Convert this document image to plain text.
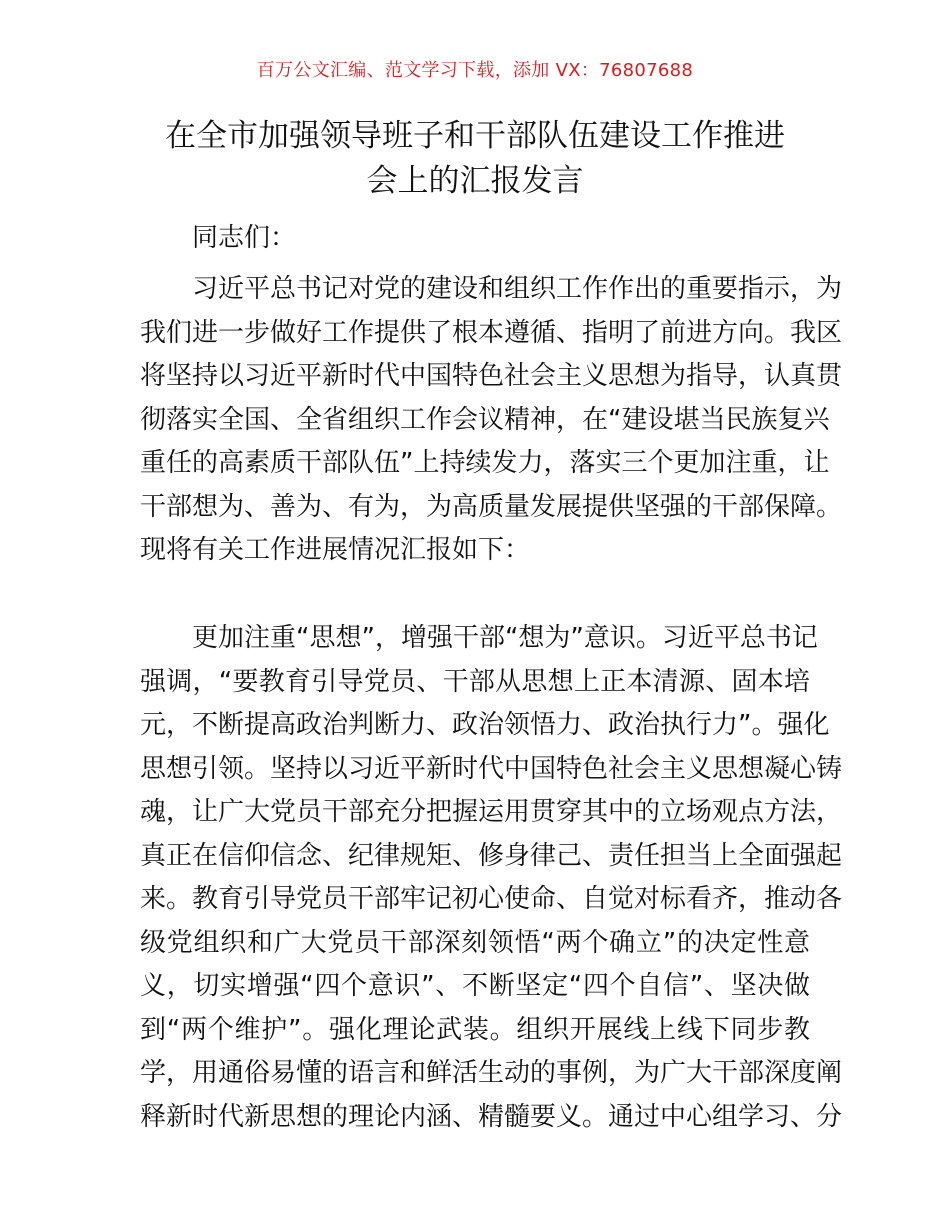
百万公文汇编、范文学习下载，添加 VX：76807688
在全市加强领导班子和干部队伍建设工作推进
会上的汇报发言
同志们：
习近平总书记对党的建设和组织工作作出的重要指示，为
我们进一步做好工作提供了根本遵循、指明了前进方向。我区
将坚持以习近平新时代中国特色社会主义思想为指导，认真贯
彻落实全国、全省组织工作会议精神，在“建设堪当民族复兴
重任的高素质干部队伍”上持续发力，落实三个更加注重，让
干部想为、善为、有为，为高质量发展提供坚强的干部保障。
现将有关工作进展情况汇报如下：
更加注重“思想”，增强干部“想为”意识。习近平总书记
强调，“要教育引导党员、干部从思想上正本清源、固本培
元，不断提高政治判断力、政治领悟力、政治执行力”。强化
思想引领。坚持以习近平新时代中国特色社会主义思想凝心铸
魂，让广大党员干部充分把握运用贯穿其中的立场观点方法，
真正在信仰信念、纪律规矩、修身律己、责任担当上全面强起
来。教育引导党员干部牢记初心使命、自觉对标看齐，推动各
级党组织和广大党员干部深刻领悟“两个确立”的决定性意
义，切实增强“四个意识”、不断坚定“四个自信”、坚决做
到“两个维护”。强化理论武装。组织开展线上线下同步教
学，用通俗易懂的语言和鲜活生动的事例，为广大干部深度阐
释新时代新思想的理论内涵、精髓要义。通过中心组学习、分
